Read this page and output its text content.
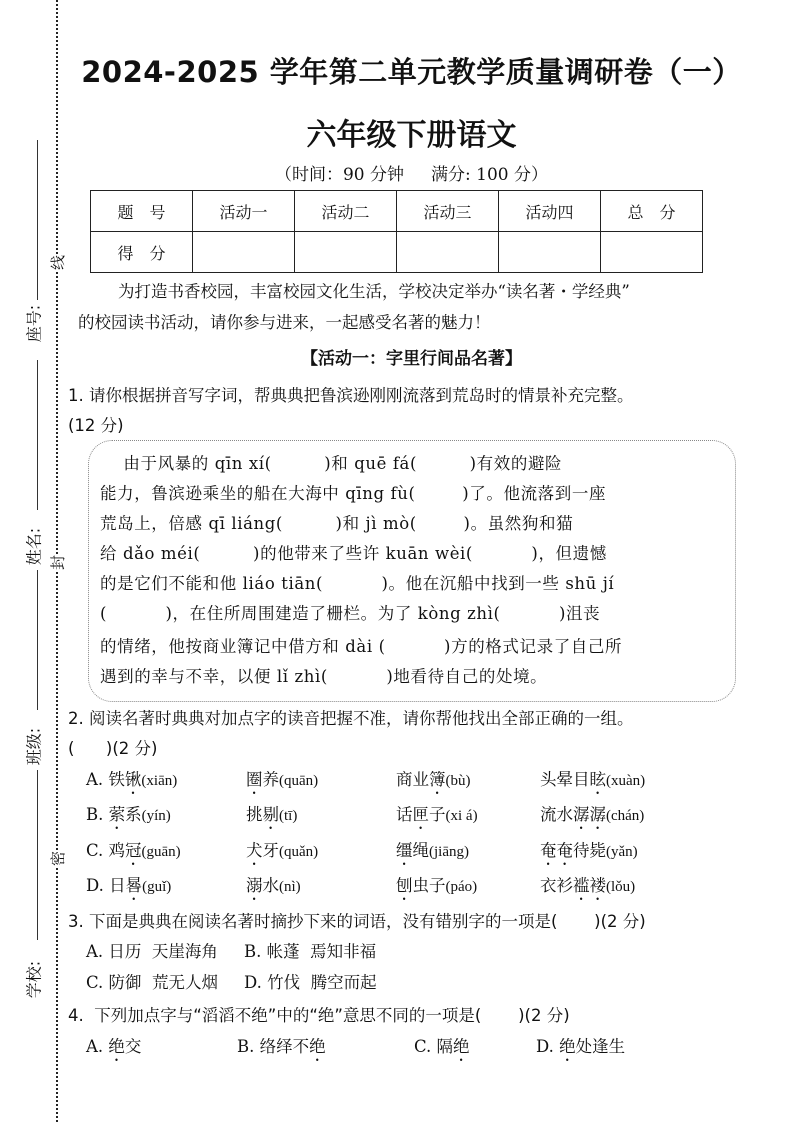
座号:
姓名:
班级:
学校:
线
封
密
2024-2025 学年第二单元教学质量调研卷（一）
六年级下册语文
（时间：90 分钟     满分: 100 分）
题　号	活动一	活动二	活动三	活动四	总　分
得　分					
为打造书香校园，丰富校园文化生活，学校决定举办“读名著・学经典”
的校园读书活动，请你参与进来，一起感受名著的魅力！
【活动一：字里行间品名著】
1. 请你根据拼音写字词，帮典典把鲁滨逊刚刚流落到荒岛时的情景补充完整。
(12 分)
由于风暴的 qīn xí(         )和 quē fá(         )有效的避险
能力，鲁滨逊乘坐的船在大海中 qīng fù(        )了。他流落到一座
荒岛上，倍感 qī liáng(         )和 jì mò(        )。虽然狗和猫
给 dǎo méi(         )的他带来了些许 kuān wèi(          )，但遗憾
的是它们不能和他 liáo tiān(          )。他在沉船中找到一些 shū jí
(          )，在住所周围建造了栅栏。为了 kòng zhì(          )沮丧
的情绪，他按商业簿记中借方和 dài (          )方的格式记录了自己所
遇到的幸与不幸，以便 lǐ zhì(          )地看待自己的处境。
2. 阅读名著时典典对加点字的读音把握不准，请你帮他找出全部正确的一组。
(      )(2 分)
A. 铁锹(xiān)	圈养(quān)	商业簿(bù)	头晕目眩(xuàn)
B. 萦系(yín)	挑剔(tī)	话匣子(xi á)	流水潺潺(chán)
C. 鸡冠(guān)	犬牙(quǎn)	缰绳(jiāng)	奄奄待毙(yǎn)
D. 日晷(guǐ)	溺水(nì)	刨虫子(páo)	衣衫褴褛(lǒu)
3. 下面是典典在阅读名著时摘抄下来的词语，没有错别字的一项是(       )(2 分)
A. 日历  天崖海角 B. 帐蓬  焉知非福
C. 防御  荒无人烟 D. 竹伐  腾空而起
4.  下列加点字与“滔滔不绝”中的“绝”意思不同的一项是(       )(2 分)
A. 绝交	B. 络绎不绝	C. 隔绝	D. 绝处逢生
